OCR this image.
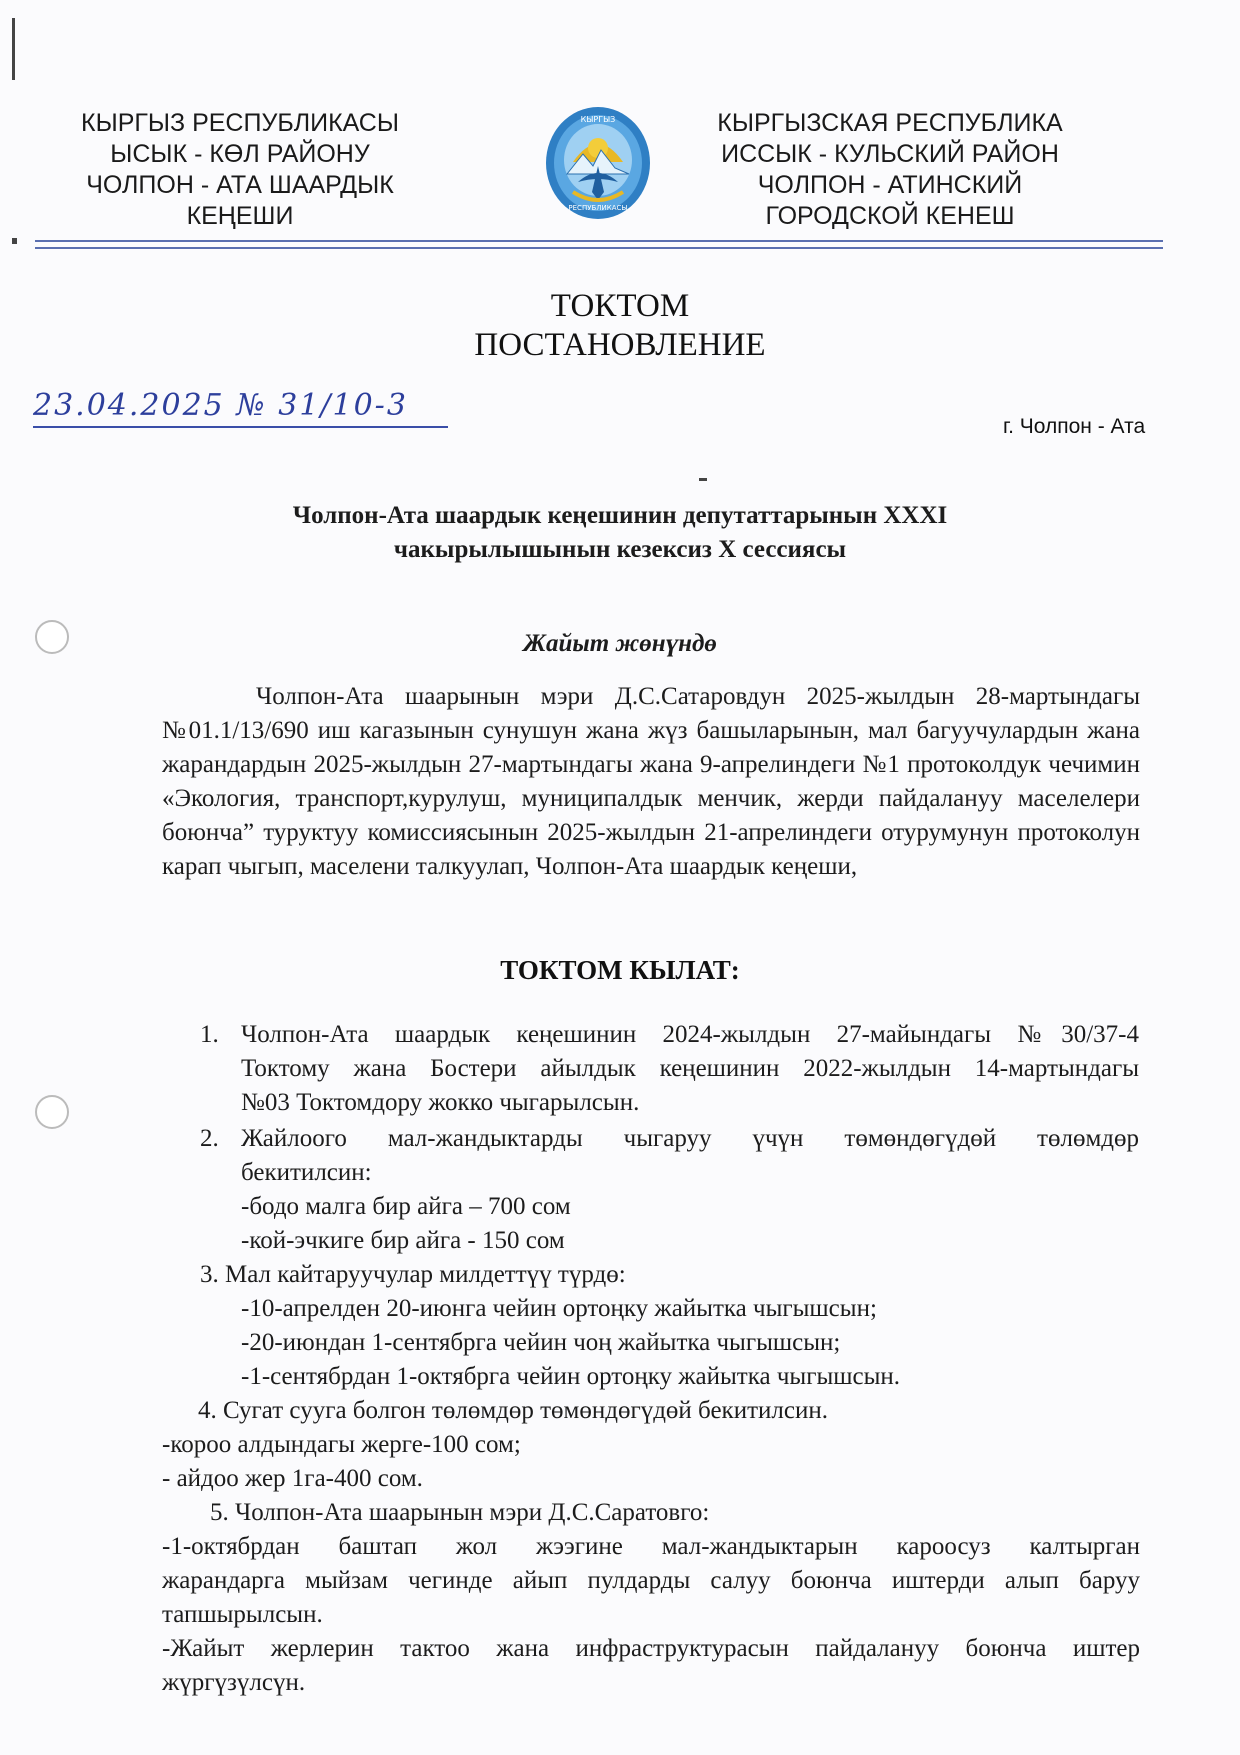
КЫРГЫЗ РЕСПУБЛИКАСЫ
ЫСЫК - КӨЛ РАЙОНУ
ЧОЛПОН - АТА ШААРДЫК
КЕҢЕШИ
КЫРГЫЗ
РЕСПУБЛИКАСЫ
КЫРГЫЗСКАЯ РЕСПУБЛИКА
ИССЫК - КУЛЬСКИЙ РАЙОН
ЧОЛПОН - АТИНСКИЙ
ГОРОДСКОЙ КЕНЕШ
ТОКТОМ
ПОСТАНОВЛЕНИЕ
23.04.2025 № 31/10-3
г. Чолпон - Ата
Чолпон-Ата шаардык кеңешинин депутаттарынын XXXI
чакырылышынын кезексиз X сессиясы
Жайыт жөнүндө
Чолпон-Ата шаарынын мэри Д.С.Сатаровдун 2025-жылдын 28-мартындагы №01.1/13/690 иш кагазынын сунушун жана жүз башыларынын, мал багуучулардын жана жарандардын 2025-жылдын 27-мартындагы жана 9-апрелиндеги №1 протоколдук чечимин «Экология, транспорт,курулуш, муниципалдык менчик, жерди пайдалануу маселелери боюнча” туруктуу комиссиясынын 2025-жылдын 21-апрелиндеги отурумунун протоколун карап чыгып, маселени талкуулап, Чолпон-Ата шаардык кеңеши,
ТОКТОМ КЫЛАТ:
1. Чолпон-Ата шаардык кеңешинин 2024-жылдын 27-майындагы №30/37-4
Токтому жана Бостери айылдык кеңешинин 2022-жылдын 14-мартындагы
№03 Токтомдору жокко чыгарылсын.
2. Жайлоого мал-жандыктарды чыгаруу үчүн төмөндөгүдөй төлөмдөр
бекитилсин:
-бодо малга бир айга – 700 сом
-кой-эчкиге бир айга - 150 сом
3. Мал кайтаруучулар милдеттүү түрдө:
-10-апрелден 20-июнга чейин ортоңку жайытка чыгышсын;
-20-июндан 1-сентябрга чейин чоң жайытка чыгышсын;
-1-сентябрдан 1-октябрга чейин ортоңку жайытка чыгышсын.
4. Сугат сууга болгон төлөмдөр төмөндөгүдөй бекитилсин.
-короо алдындагы жерге-100 сом;
- айдоо жер 1га-400 сом.
5. Чолпон-Ата шаарынын мэри Д.С.Саратовго:
-1-октябрдан баштап жол жээгине мал-жандыктарын кароосуз калтырган
жарандарга мыйзам чегинде айып пулдарды салуу боюнча иштерди алып баруу
тапшырылсын.
-Жайыт жерлерин тактоо жана инфраструктурасын пайдалануу боюнча иштер
жүргүзүлсүн.
